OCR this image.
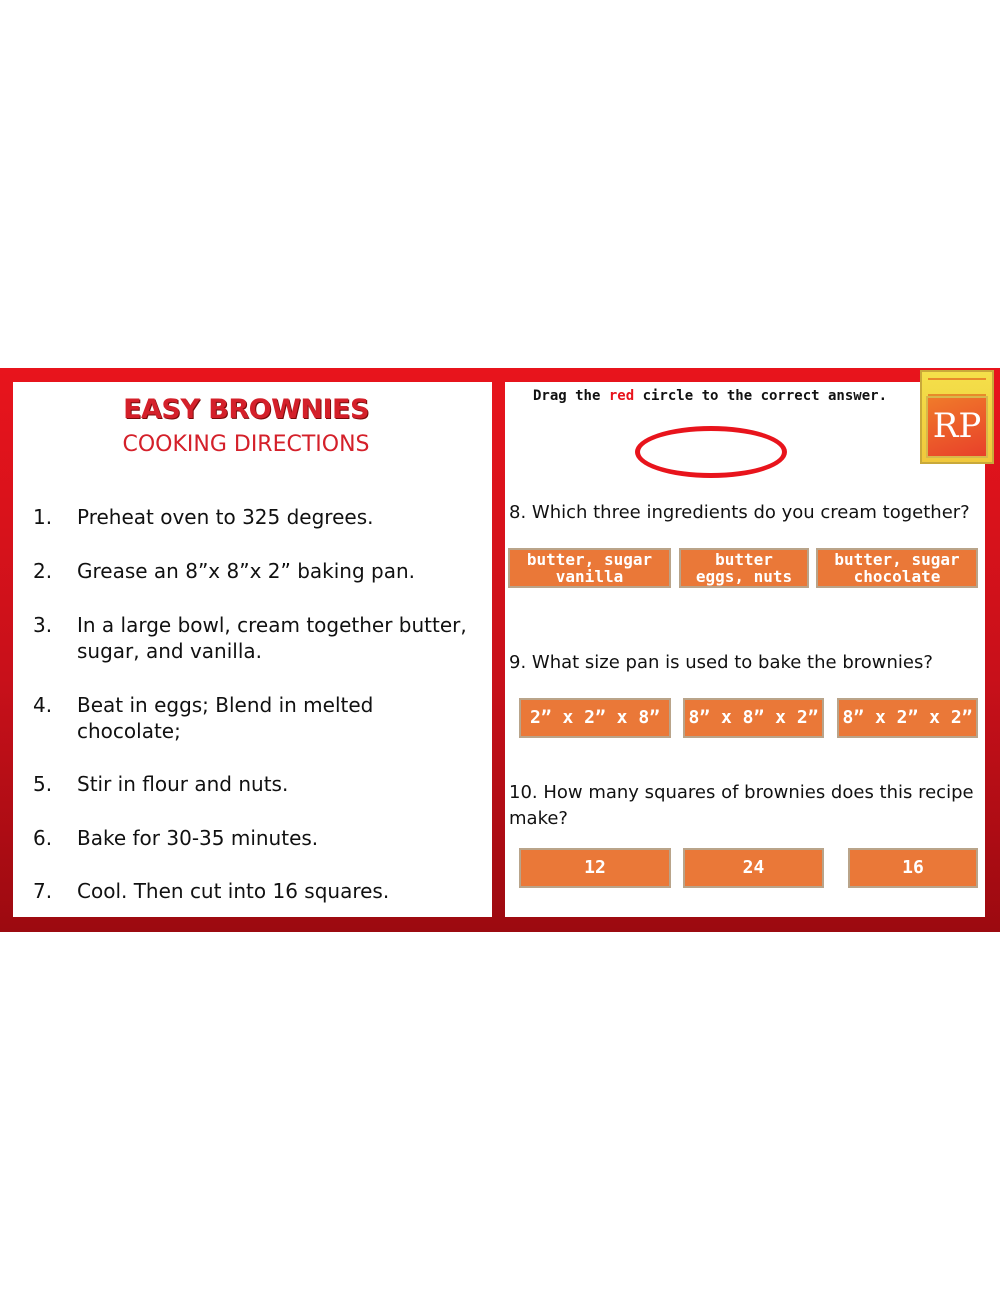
EASY BROWNIES
COOKING DIRECTIONS
1. Preheat oven to 325 degrees.
2. Grease an 8”x 8”x 2” baking pan.
3. In a large bowl, cream together butter, sugar, and vanilla.
4. Beat in eggs; Blend in melted chocolate;
5. Stir in flour and nuts.
6. Bake for 30-35 minutes.
7. Cool. Then cut into 16 squares.
Drag the red circle to the correct answer.
RP
8. Which three ingredients do you cream together?
butter, sugar
vanilla
butter
eggs, nuts
butter, sugar
chocolate
9. What size pan is used to bake the brownies?
2” x 2” x 8”	8” x 8” x 2”	8” x 2” x 2”
10. How many squares of brownies does this recipe make?
12	24	16
